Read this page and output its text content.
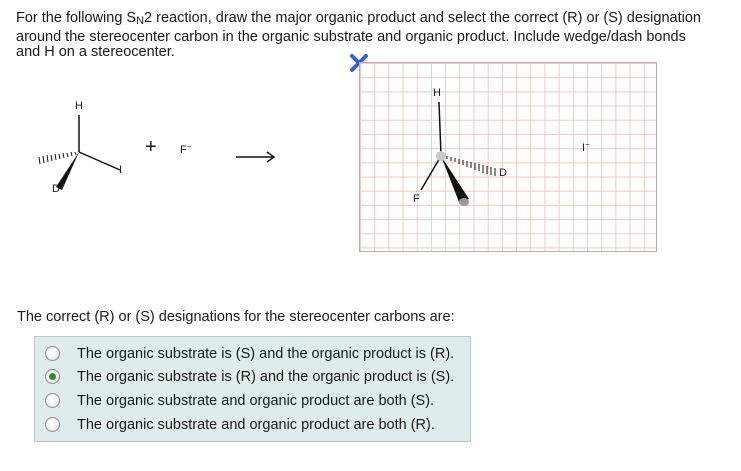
For the following $S_N2$ reaction, draw the major organic product and select the correct (R) or (S) designation
around the stereocenter carbon in the organic substrate and organic product. Include wedge/dash bonds
and H on a stereocenter.
H
D
I
+ F−
H
D
F
I−
The correct (R) or (S) designations for the stereocenter carbons are:
The organic substrate is (S) and the organic product is (R).
The organic substrate is (R) and the organic product is (S).
The organic substrate and organic product are both (S).
The organic substrate and organic product are both (R).
